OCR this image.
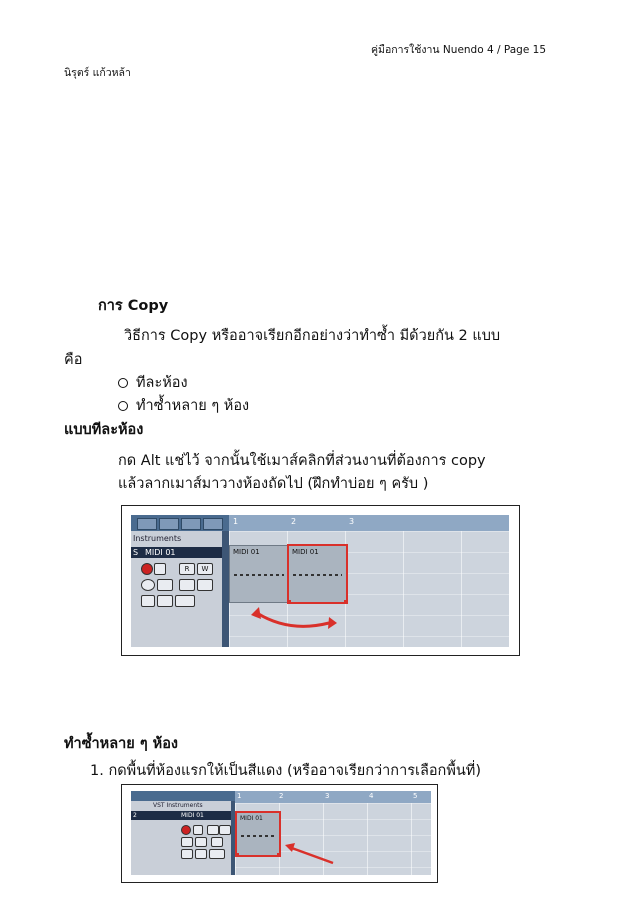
คู่มือการใช้งาน Nuendo 4 / Page 15
นิรุตร์ แก้วหล้า
การ Copy
วิธีการ Copy หรืออาจเรียกอีกอย่างว่าทำซ้ำ มีด้วยกัน 2 แบบ
คือ
ทีละห้อง
ทำซ้ำหลาย ๆ ห้อง
แบบทีละห้อง
กด Alt แช่ไว้ จากนั้นใช้เมาส์คลิกที่ส่วนงานที่ต้องการ copy
แล้วลากเมาส์มาวางห้องถัดไป (ฝึกทำบ่อย ๆ ครับ )
1	2	3
Instruments
S MIDI 01
R	W
MIDI 01	MIDI 01
ทำซ้ำหลาย ๆ ห้อง
1. กดพื้นที่ห้องแรกให้เป็นสีแดง (หรืออาจเรียกว่าการเลือกพื้นที่)
1	2	3	4	5
VST Instruments
2	MIDI 01	MIDI 01
